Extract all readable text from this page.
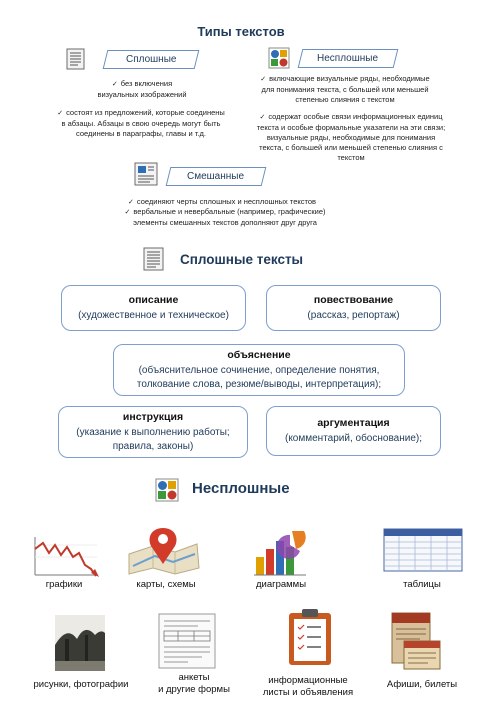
Типы текстов
Сплошные	Несплошные
✓ без включения
визуальных изображений
✓ состоят из предложений, которые соединены
в абзацы. Абзацы в свою очередь могут быть
соединены в параграфы, главы и т.д.
✓ включающие визуальные ряды, необходимые
для понимания текста, с большей или меньшей
степенью слияния с текстом
✓ содержат особые связи информационных единиц
текста и особые формальные указатели на эти связи;
визуальные ряды, необходимые для понимания
текста, с большей или меньшей степенью слияния с
текстом
Смешанные
✓ соединяют черты сплошных и несплошных текстов
✓ вербальные и невербальные (например, графические)
элементы смешанных текстов дополняют друг друга
Сплошные тексты
описание
(художественное и техническое)
повествование
(рассказ, репортаж)
объяснение
(объяснительное сочинение, определение понятия,
толкование слова, резюме/выводы, интерпретация);
инструкция
(указание к выполнению работы;
правила, законы)
аргументация
(комментарий, обоснование);
Несплошные
графики	карты, схемы	диаграммы	таблицы
рисунки, фотографии
анкеты
и другие формы
информационные
листы и объявления
Афиши, билеты
